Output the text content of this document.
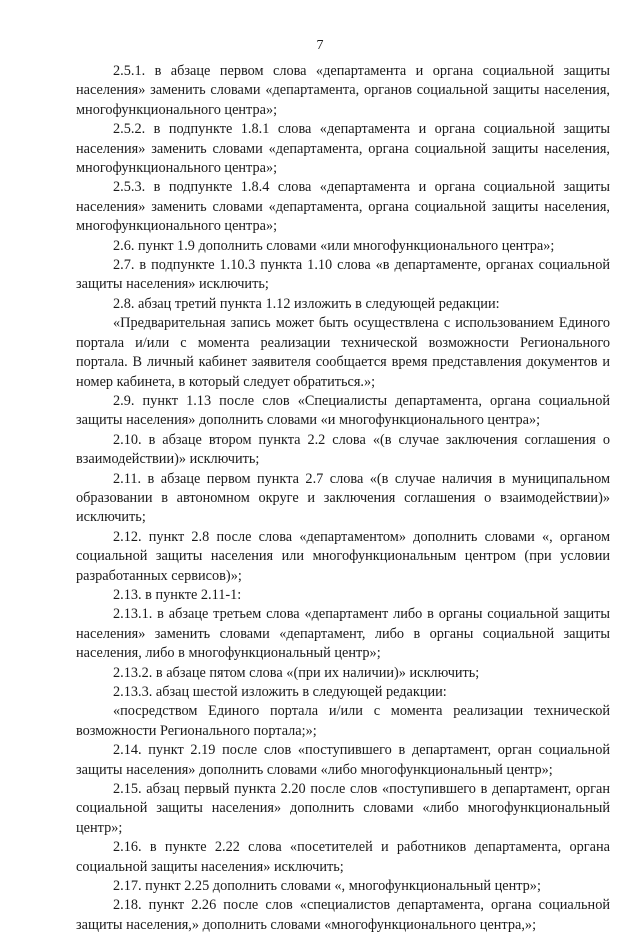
7

2.5.1. в абзаце первом слова «департамента и органа социальной защиты населения» заменить словами «департамента, органов социальной защиты населения, многофункционального центра»;

2.5.2. в подпункте 1.8.1 слова «департамента и органа социальной защиты населения» заменить словами «департамента, органа социальной защиты населения, многофункционального центра»;

2.5.3. в подпункте 1.8.4 слова «департамента и органа социальной защиты населения» заменить словами «департамента, органа социальной защиты населения, многофункционального центра»;

2.6. пункт 1.9 дополнить словами «или многофункционального центра»;

2.7. в подпункте 1.10.3 пункта 1.10 слова «в департаменте, органах социальной защиты населения» исключить;

2.8. абзац третий пункта 1.12 изложить в следующей редакции:

«Предварительная запись может быть осуществлена с использованием Единого портала и/или с момента реализации технической возможности Регионального портала. В личный кабинет заявителя сообщается время представления документов и номер кабинета, в который следует обратиться.»;

2.9. пункт 1.13 после слов «Специалисты департамента, органа социальной защиты населения» дополнить словами «и многофункционального центра»;

2.10. в абзаце втором пункта 2.2 слова «(в случае заключения соглашения о взаимодействии)» исключить;

2.11. в абзаце первом пункта 2.7 слова «(в случае наличия в муниципальном образовании в автономном округе и заключения соглашения о взаимодействии)» исключить;

2.12. пункт 2.8 после слова «департаментом» дополнить словами «, органом социальной защиты населения или многофункциональным центром (при условии разработанных сервисов)»;

2.13. в пункте 2.11-1:

2.13.1. в абзаце третьем слова «департамент либо в органы социальной защиты населения» заменить словами «департамент, либо в органы социальной защиты населения, либо в многофункциональный центр»;

2.13.2. в абзаце пятом слова «(при их наличии)» исключить;

2.13.3. абзац шестой изложить в следующей редакции:

«посредством Единого портала и/или с момента реализации технической возможности Регионального портала;»;

2.14. пункт 2.19 после слов «поступившего в департамент, орган социальной защиты населения» дополнить словами «либо многофункциональный центр»;

2.15. абзац первый пункта 2.20 после слов «поступившего в департамент, орган социальной защиты населения» дополнить словами «либо многофункциональный центр»;

2.16. в пункте 2.22 слова «посетителей и работников департамента, органа социальной защиты населения» исключить;

2.17. пункт 2.25 дополнить словами «, многофункциональный центр»;

2.18. пункт 2.26 после слов «специалистов департамента, органа социальной защиты населения,» дополнить словами «многофункционального центра,»;
